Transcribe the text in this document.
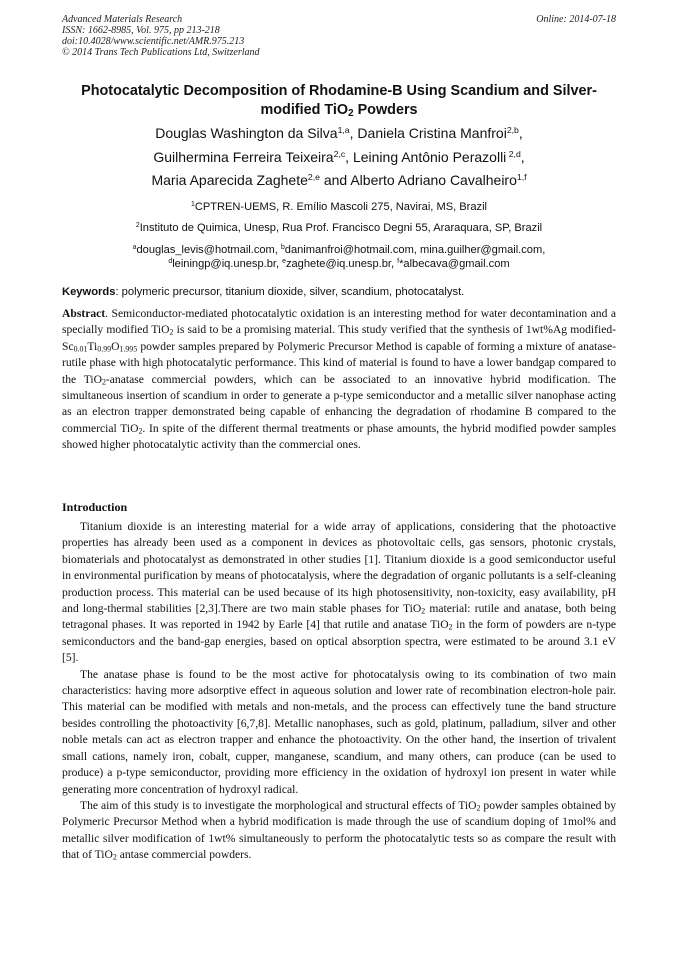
Advanced Materials Research
ISSN: 1662-8985, Vol. 975, pp 213-218
doi:10.4028/www.scientific.net/AMR.975.213
© 2014 Trans Tech Publications Ltd, Switzerland
Online: 2014-07-18
Photocatalytic Decomposition of Rhodamine-B Using Scandium and Silver-modified TiO$_2$ Powders
Douglas Washington da Silva$^{1,a}$, Daniela Cristina Manfroi$^{2,b}$,
Guilhermina Ferreira Teixeira$^{2,c}$, Leining Antônio Perazolli $^{2,d}$,
Maria Aparecida Zaghete$^{2,e}$ and Alberto Adriano Cavalheiro$^{1,f}$
$^1$CPTREN-UEMS, R. Emílio Mascoli 275, Navirai, MS, Brazil
$^2$Instituto de Quimica, Unesp, Rua Prof. Francisco Degni 55, Araraquara, SP, Brazil
$^a$douglas_levis@hotmail.com, $^b$danimanfroi@hotmail.com, mina.guilher@gmail.com,
$^d$leiningp@iq.unesp.br, $^e$zaghete@iq.unesp.br, $^f$*albecava@gmail.com
Keywords: polymeric precursor, titanium dioxide, silver, scandium, photocatalyst.
Abstract. Semiconductor-mediated photocatalytic oxidation is an interesting method for water decontamination and a specially modified TiO$_2$ is said to be a promising material. This study verified that the synthesis of 1wt%Ag modified-$Sc_{0.01}Ti_{0.99}O_{1.995}$ powder samples prepared by Polymeric Precursor Method is capable of forming a mixture of anatase-rutile phase with high photocatalytic performance. This kind of material is found to have a lower bandgap compared to the TiO$_2$-anatase commercial powders, which can be associated to an innovative hybrid modification. The simultaneous insertion of scandium in order to generate a p-type semiconductor and a metallic silver nanophase acting as an electron trapper demonstrated being capable of enhancing the degradation of rhodamine B compared to the commercial TiO$_2$. In spite of the different thermal treatments or phase amounts, the hybrid modified powder samples showed higher photocatalytic activity than the commercial ones.
Introduction

Titanium dioxide is an interesting material for a wide array of applications, considering that the photoactive properties has already been used as a component in devices as photovoltaic cells, gas sensors, photonic crystals, biomaterials and photocatalyst as demonstrated in other studies [1]. Titanium dioxide is a good semiconductor useful in environmental purification by means of photocatalysis, where the degradation of organic pollutants is a self-cleaning production process. This material can be used because of its high photosensitivity, non-toxicity, easy availability, pH and long-thermal stabilities [2,3].There are two main stable phases for TiO$_2$ material: rutile and anatase, both being tetragonal phases. It was reported in 1942 by Earle [4] that rutile and anatase TiO$_2$ in the form of powders are n-type semiconductors and the band-gap energies, based on optical absorption spectra, were estimated to be around 3.1 eV [5].

The anatase phase is found to be the most active for photocatalysis owing to its combination of two main characteristics: having more adsorptive effect in aqueous solution and lower rate of recombination electron-hole pair. This material can be modified with metals and non-metals, and the process can effectively tune the band structure besides controlling the photoactivity [6,7,8]. Metallic nanophases, such as gold, platinum, palladium, silver and other noble metals can act as electron trapper and enhance the photoactivity. On the other hand, the insertion of trivalent small cations, namely iron, cobalt, cupper, manganese, scandium, and many others, can produce (can be used to produce) a p-type semiconductor, providing more efficiency in the oxidation of hydroxyl ion present in water while generating more concentration of hydroxyl radical.

The aim of this study is to investigate the morphological and structural effects of TiO$_2$ powder samples obtained by Polymeric Precursor Method when a hybrid modification is made through the use of scandium doping of 1mol% and metallic silver modification of 1wt% simultaneously to perform the photocatalytic tests so as compare the result with that of TiO$_2$ antase commercial powders.
